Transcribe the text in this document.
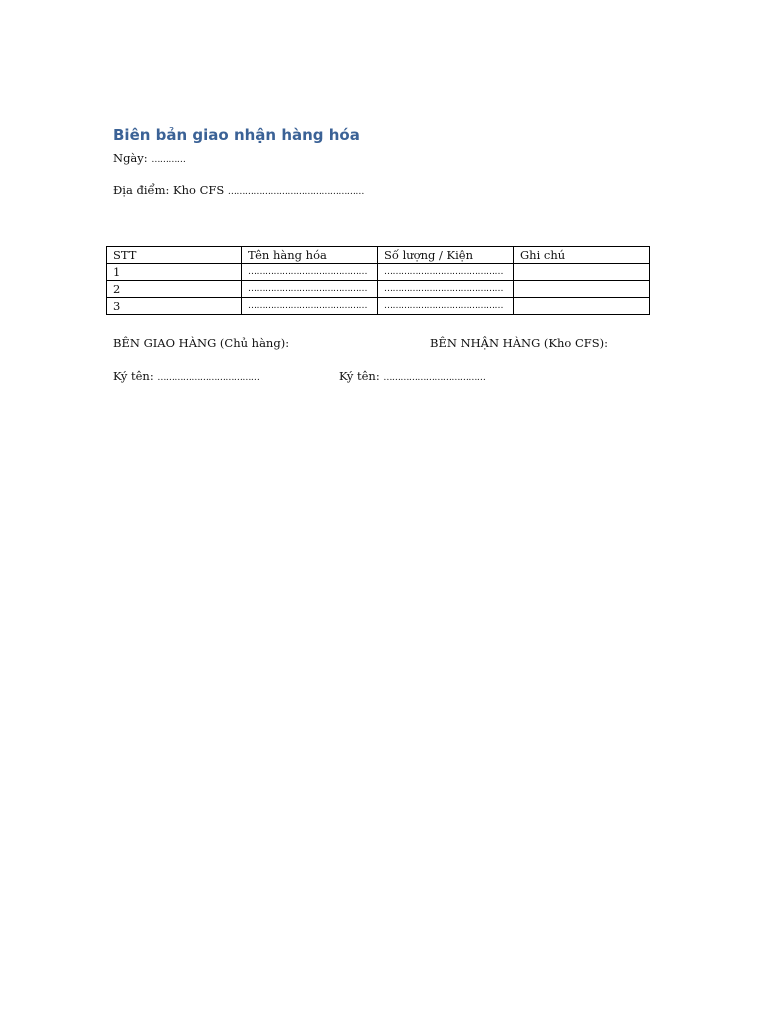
Biên bản giao nhận hàng hóa
Ngày: …………
Địa điểm: Kho CFS …………………………………………
STT	Tên hàng hóa	Số lượng / Kiện	Ghi chú
1	……………………………………	……………………………………	
2	……………………………………	……………………………………	
3	……………………………………	……………………………………	
BÊN GIAO HÀNG (Chủ hàng):	BÊN NHẬN HÀNG (Kho CFS):
Ký tên: ………………………………	Ký tên: ………………………………
